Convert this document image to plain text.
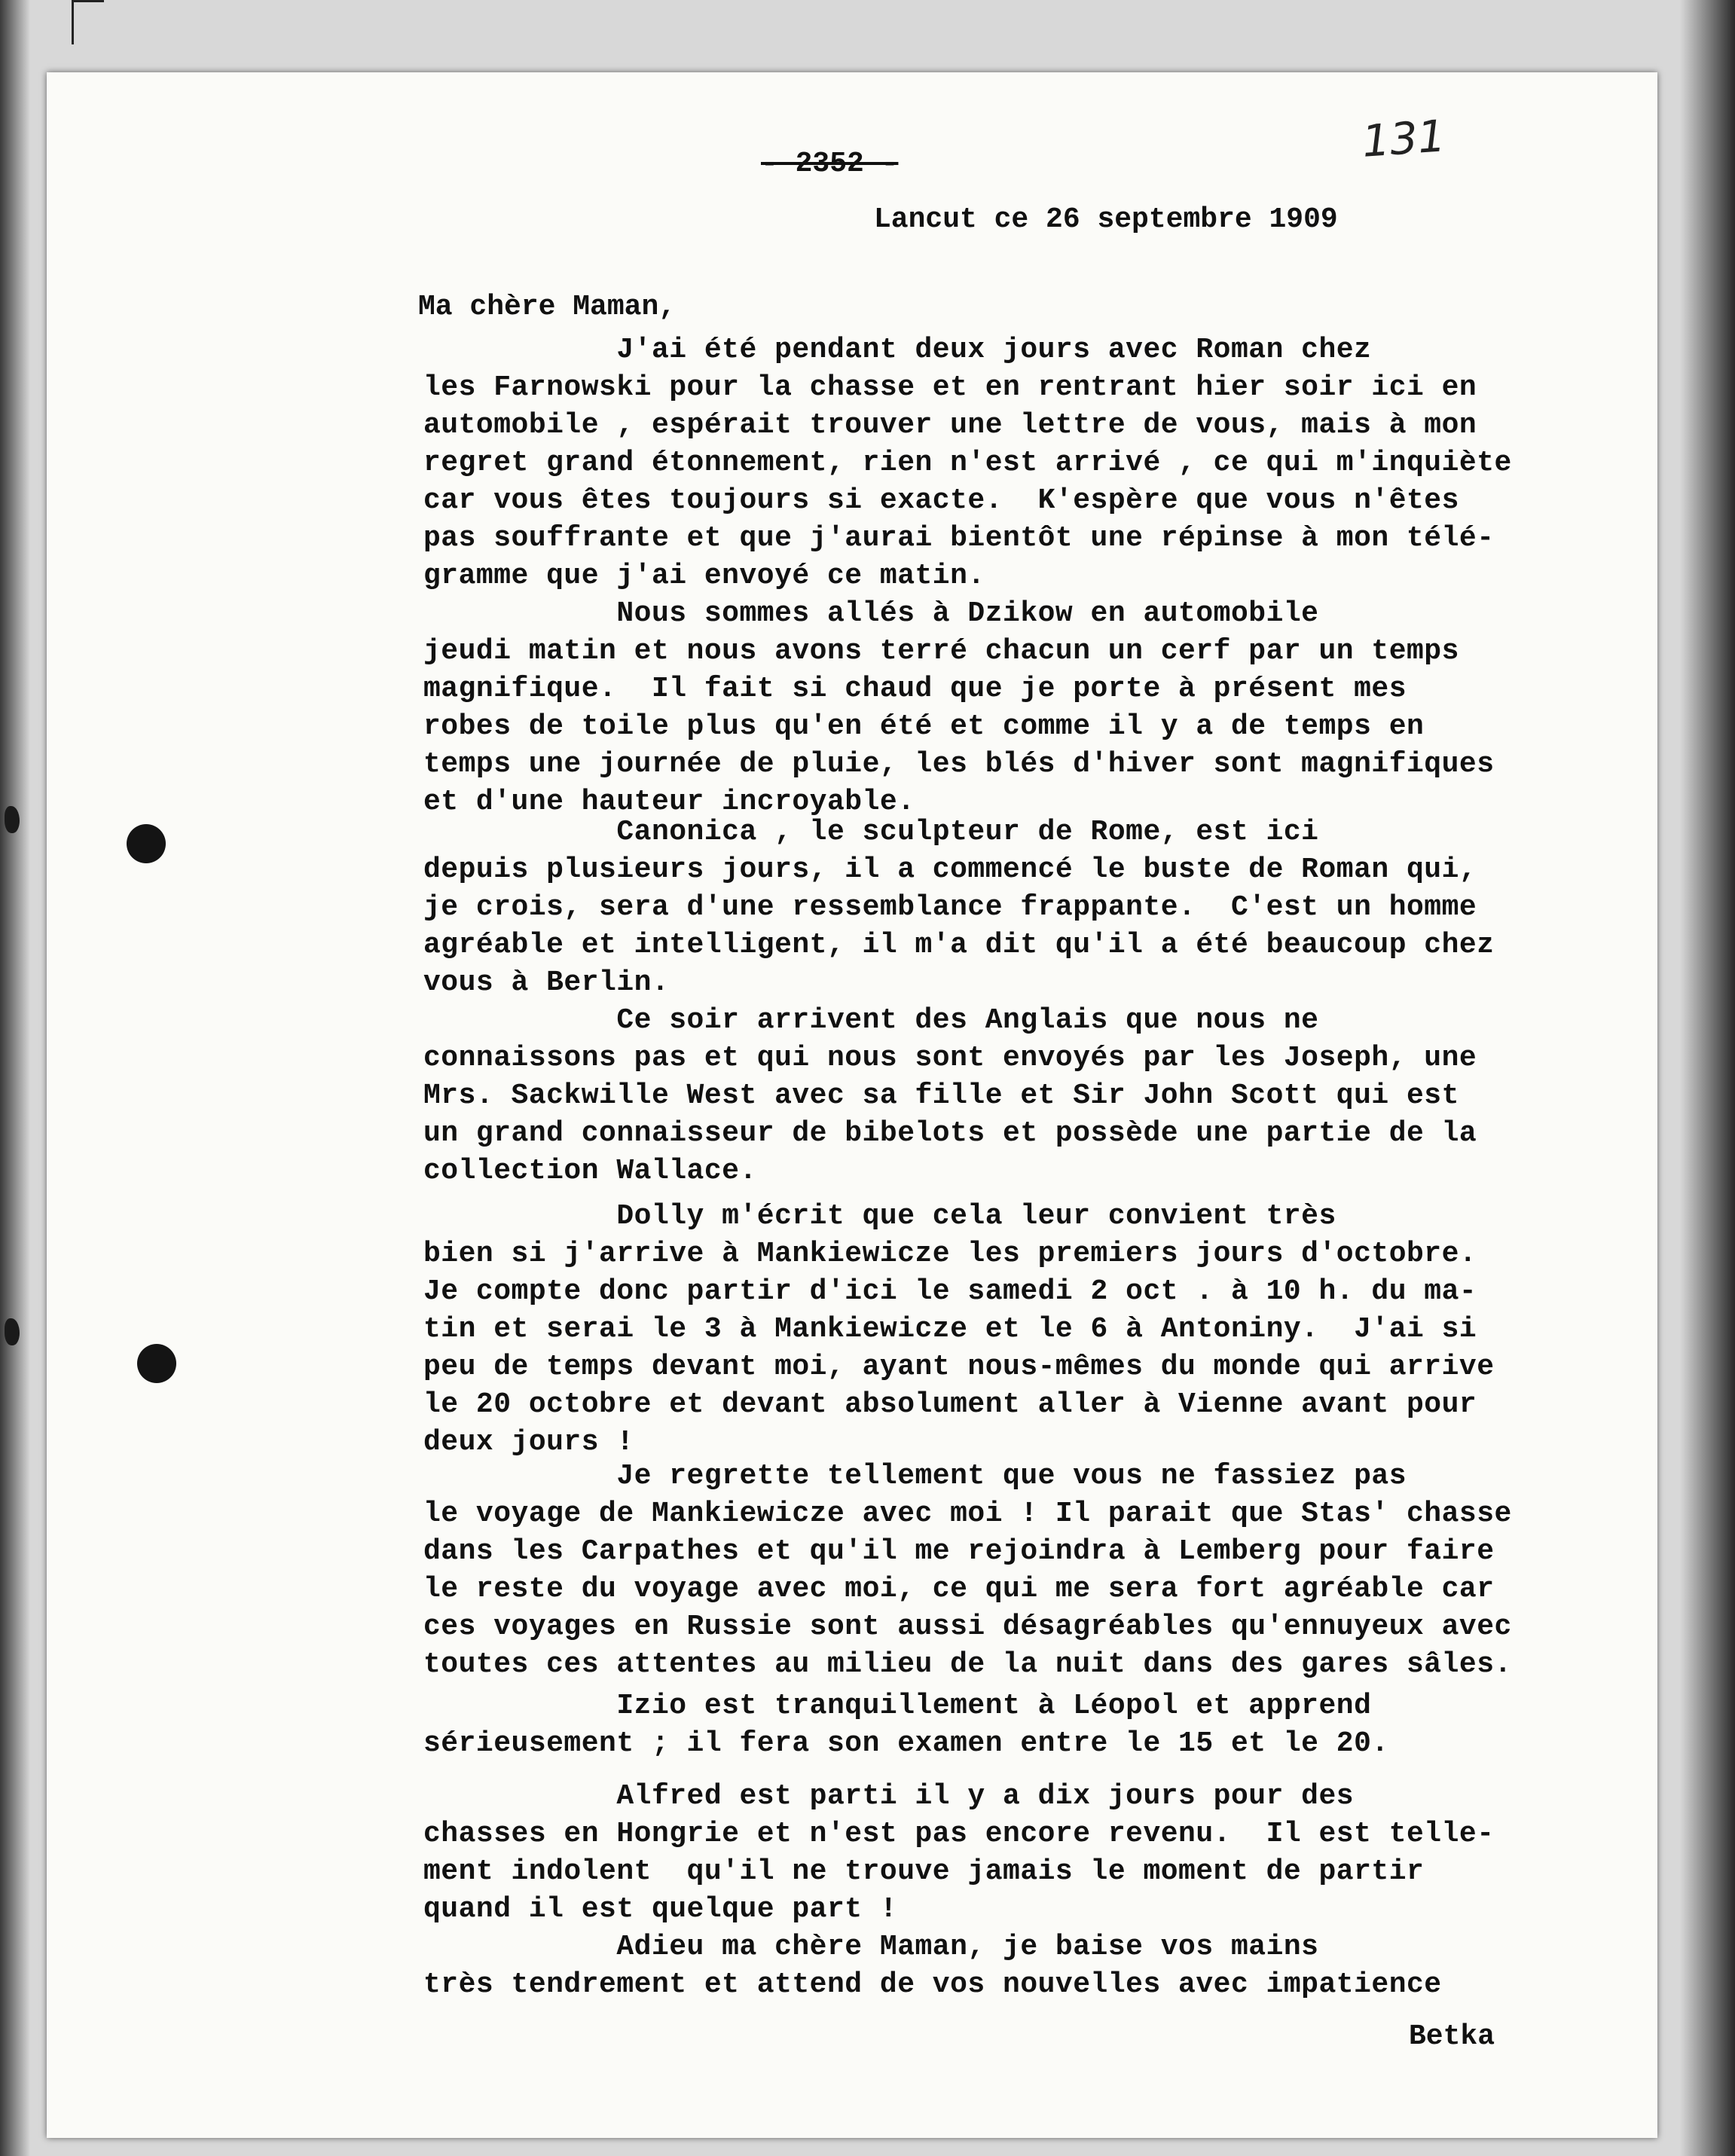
131
- 2352 -
Lancut ce 26 septembre 1909
Ma chère Maman,
J'ai été pendant deux jours avec Roman chez
les Farnowski pour la chasse et en rentrant hier soir ici en
automobile , espérait trouver une lettre de vous, mais à mon
regret grand étonnement, rien n'est arrivé , ce qui m'inquiète
car vous êtes toujours si exacte.  K'espère que vous n'êtes
pas souffrante et que j'aurai bientôt une répinse à mon télé-
gramme que j'ai envoyé ce matin.
Nous sommes allés à Dzikow en automobile
jeudi matin et nous avons terré chacun un cerf par un temps
magnifique.  Il fait si chaud que je porte à présent mes
robes de toile plus qu'en été et comme il y a de temps en
temps une journée de pluie, les blés d'hiver sont magnifiques
et d'une hauteur incroyable.
Canonica , le sculpteur de Rome, est ici
depuis plusieurs jours, il a commencé le buste de Roman qui,
je crois, sera d'une ressemblance frappante.  C'est un homme
agréable et intelligent, il m'a dit qu'il a été beaucoup chez
vous à Berlin.
Ce soir arrivent des Anglais que nous ne
connaissons pas et qui nous sont envoyés par les Joseph, une
Mrs. Sackwille West avec sa fille et Sir John Scott qui est
un grand connaisseur de bibelots et possède une partie de la
collection Wallace.
Dolly m'écrit que cela leur convient très
bien si j'arrive à Mankiewicze les premiers jours d'octobre.
Je compte donc partir d'ici le samedi 2 oct . à 10 h. du ma-
tin et serai le 3 à Mankiewicze et le 6 à Antoniny.  J'ai si
peu de temps devant moi, ayant nous-mêmes du monde qui arrive
le 20 octobre et devant absolument aller à Vienne avant pour
deux jours !
Je regrette tellement que vous ne fassiez pas
le voyage de Mankiewicze avec moi ! Il parait que Stas' chasse
dans les Carpathes et qu'il me rejoindra à Lemberg pour faire
le reste du voyage avec moi, ce qui me sera fort agréable car
ces voyages en Russie sont aussi désagréables qu'ennuyeux avec
toutes ces attentes au milieu de la nuit dans des gares sâles.
Izio est tranquillement à Léopol et apprend
sérieusement ; il fera son examen entre le 15 et le 20.
Alfred est parti il y a dix jours pour des
chasses en Hongrie et n'est pas encore revenu.  Il est telle-
ment indolent  qu'il ne trouve jamais le moment de partir
quand il est quelque part !
Adieu ma chère Maman, je baise vos mains
très tendrement et attend de vos nouvelles avec impatience
Betka
